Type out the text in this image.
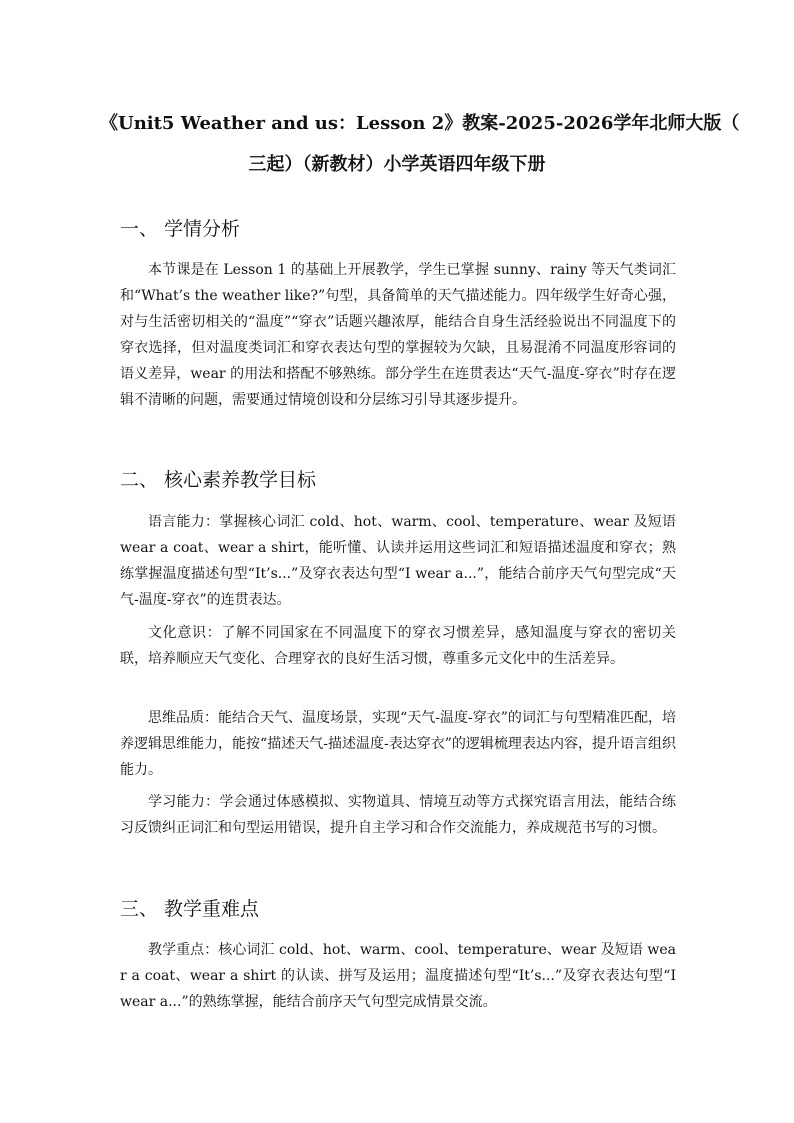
《Unit5 Weather and us：Lesson 2》教案-2025-2026学年北师大版（
三起）（新教材）小学英语四年级下册
一、 学情分析
本节课是在 Lesson 1 的基础上开展教学，学生已掌握 sunny、rainy 等天气类词汇和“What’s the weather like?”句型，具备简单的天气描述能力。四年级学生好奇心强，对与生活密切相关的“温度”“穿衣”话题兴趣浓厚，能结合自身生活经验说出不同温度下的穿衣选择，但对温度类词汇和穿衣表达句型的掌握较为欠缺，且易混淆不同温度形容词的语义差异，wear 的用法和搭配不够熟练。部分学生在连贯表达“天气-温度-穿衣”时存在逻辑不清晰的问题，需要通过情境创设和分层练习引导其逐步提升。
二、 核心素养教学目标
语言能力：掌握核心词汇 cold、hot、warm、cool、temperature、wear 及短语 wear a coat、wear a shirt，能听懂、认读并运用这些词汇和短语描述温度和穿衣；熟练掌握温度描述句型“It’s...”及穿衣表达句型“I wear a...”，能结合前序天气句型完成“天气-温度-穿衣”的连贯表达。
文化意识：了解不同国家在不同温度下的穿衣习惯差异，感知温度与穿衣的密切关联，培养顺应天气变化、合理穿衣的良好生活习惯，尊重多元文化中的生活差异。
思维品质：能结合天气、温度场景，实现“天气-温度-穿衣”的词汇与句型精准匹配，培养逻辑思维能力，能按“描述天气-描述温度-表达穿衣”的逻辑梳理表达内容，提升语言组织能力。
学习能力：学会通过体感模拟、实物道具、情境互动等方式探究语言用法，能结合练习反馈纠正词汇和句型运用错误，提升自主学习和合作交流能力，养成规范书写的习惯。
三、 教学重难点
教学重点：核心词汇 cold、hot、warm、cool、temperature、wear 及短语 wear a coat、wear a shirt 的认读、拼写及运用；温度描述句型“It’s...”及穿衣表达句型“I wear a...”的熟练掌握，能结合前序天气句型完成情景交流。
